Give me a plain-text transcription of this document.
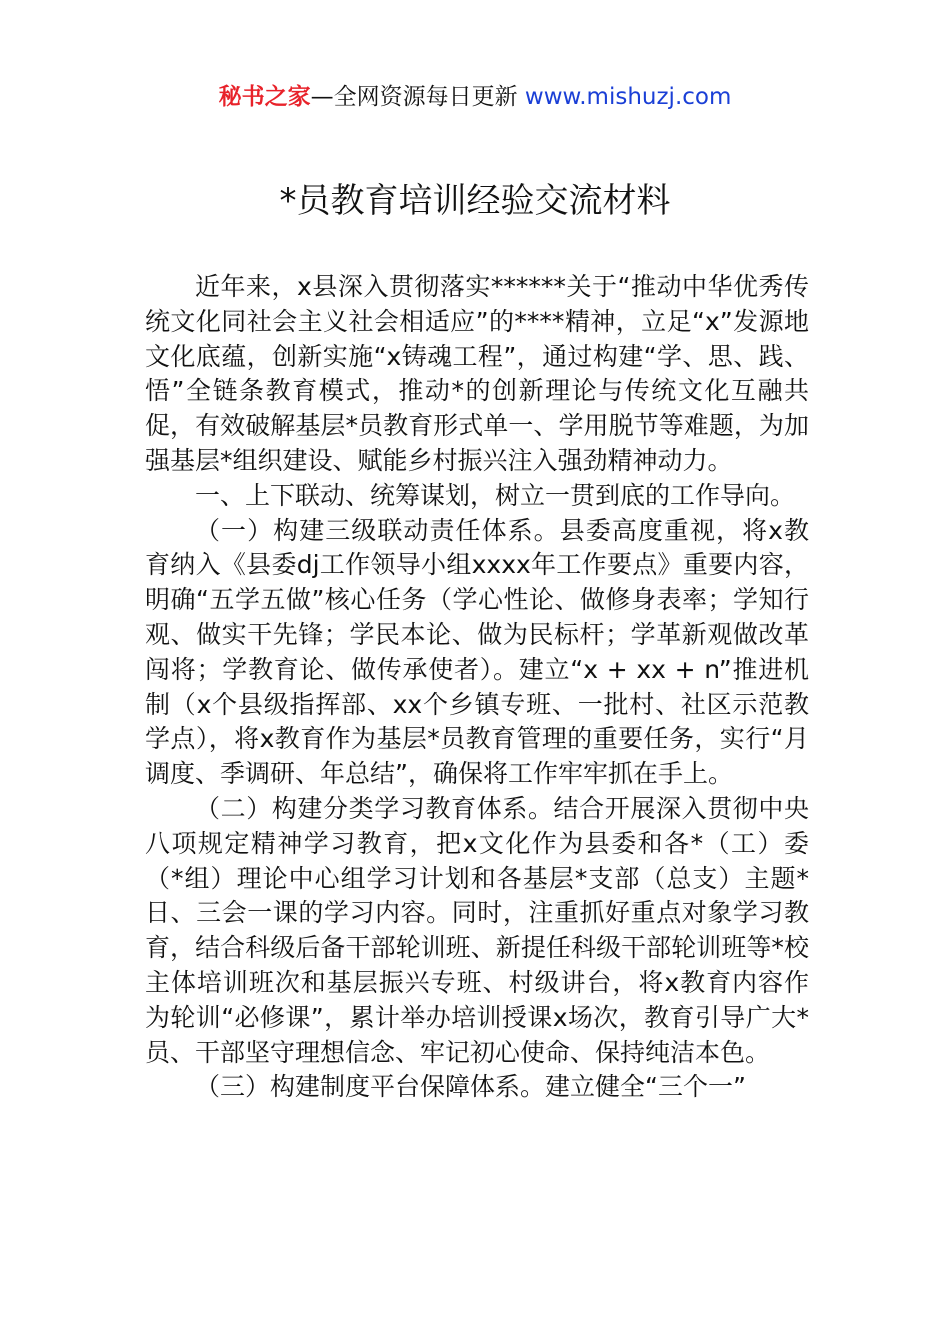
秘书之家—全网资源每日更新 www.mishuzj.com
*员教育培训经验交流材料

近年来，x县深入贯彻落实******关于“推动中华优秀传统文化同社会主义社会相适应”的****精神，立足“x”发源地文化底蕴，创新实施“x铸魂工程”，通过构建“学、思、践、悟”全链条教育模式，推动*的创新理论与传统文化互融共促，有效破解基层*员教育形式单一、学用脱节等难题，为加强基层*组织建设、赋能乡村振兴注入强劲精神动力。

一、上下联动、统筹谋划，树立一贯到底的工作导向。

（一）构建三级联动责任体系。县委高度重视，将x教育纳入《县委dj工作领导小组xxxx年工作要点》重要内容，明确“五学五做”核心任务（学心性论、做修身表率；学知行观、做实干先锋；学民本论、做为民标杆；学革新观做改革闯将；学教育论、做传承使者）。建立“x + xx + n”推进机制（x个县级指挥部、xx个乡镇专班、一批村、社区示范教学点），将x教育作为基层*员教育管理的重要任务，实行“月调度、季调研、年总结”，确保将工作牢牢抓在手上。

（二）构建分类学习教育体系。结合开展深入贯彻中央八项规定精神学习教育，把x文化作为县委和各*（工）委（*组）理论中心组学习计划和各基层*支部（总支）主题*日、三会一课的学习内容。同时，注重抓好重点对象学习教育，结合科级后备干部轮训班、新提任科级干部轮训班等*校主体培训班次和基层振兴专班、村级讲台，将x教育内容作为轮训“必修课”，累计举办培训授课x场次，教育引导广大*员、干部坚守理想信念、牢记初心使命、保持纯洁本色。

（三）构建制度平台保障体系。建立健全“三个一”
